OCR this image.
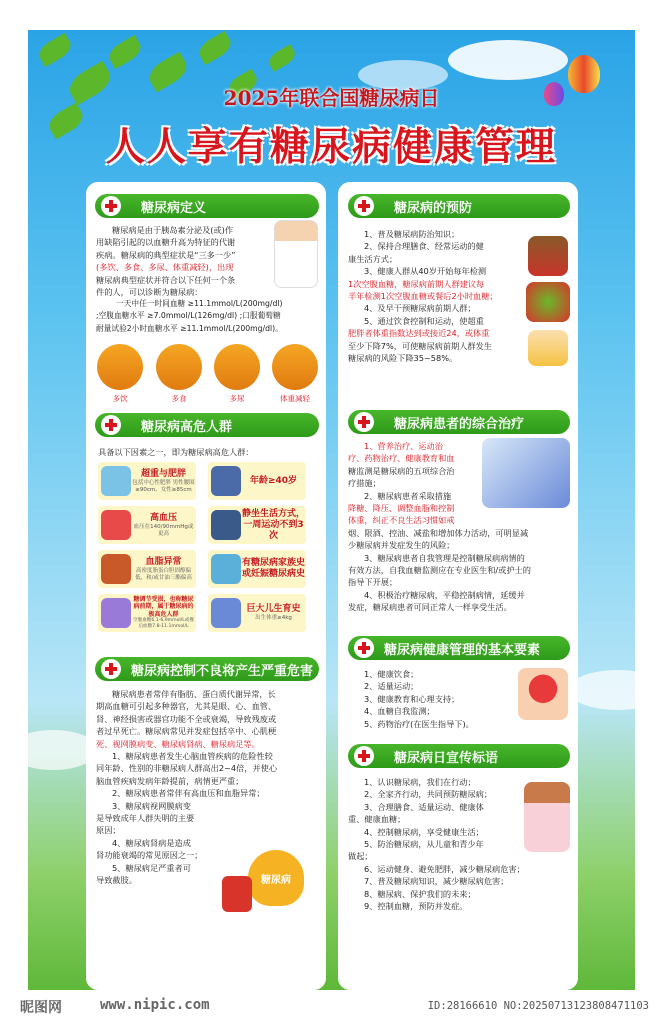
2025年联合国糖尿病日
人人享有糖尿病健康管理
糖尿病定义
糖尿病是由于胰岛素分泌及(或)作
用缺陷引起的以血糖升高为特征的代谢
疾病。糖尿病的典型症状是“三多一少”
(多饮、多食、多尿、体重减轻)，出现
糖尿病典型症状并符合以下任何一个条
件的人，可以诊断为糖尿病：
一天中任一时间血糖 ≥11.1mmol/L(200mg/dl)
;空腹血糖水平 ≥7.0mmol/L(126mg/dl) ;口服葡萄糖
耐量试验2小时血糖水平 ≥11.1mmol/L(200mg/dl)。
多饮	多食	多尿	体重减轻
糖尿病高危人群
具备以下因素之一，即为糖尿病高危人群：
超重与肥胖
包括中心性肥胖 男性腰围≥90cm、女性≥85cm
年龄≥40岁
高血压
血压在140/90mmHg或更高
静坐生活方式，一周运动不到3次
血脂异常
高密度脂蛋白胆固醇偏低，和/或甘油三酯偏高
有糖尿病家族史或妊娠糖尿病史
糖调节受损，也称糖尿病前期，属于糖尿病的极高危人群
空腹血糖6.1-6.9mmol/L或餐后血糖7.8-11.1mmol/L
巨大儿生育史
出生体重≥4kg
糖尿病控制不良将产生严重危害
糖尿病患者常伴有脂肪、蛋白质代谢异常，长
期高血糖可引起多种器官，尤其是眼、心、血管、
肾、神经损害或器官功能不全或衰竭，导致残废或
者过早死亡。糖尿病常见并发症包括卒中、心肌梗
死、视网膜病变、糖尿病肾病、糖尿病足等。
1、糖尿病患者发生心脑血管疾病的危险性较
同年龄、性别的非糖尿病人群高出2~4倍，并使心
脑血管疾病发病年龄提前，病情更严重；
2、糖尿病患者常伴有高血压和血脂异常；
3、糖尿病视网膜病变
是导致成年人群失明的主要
原因；
4、糖尿病肾病是造成
肾功能衰竭的常见原因之一；
5、糖尿病足严重者可
导致截肢。	糖尿病
糖尿病的预防
1、普及糖尿病防治知识；
2、保持合理膳食、经常运动的健
康生活方式；
3、健康人群从40岁开始每年检测
1次空腹血糖，糖尿病前期人群建议每
半年检测1次空腹血糖或餐后2小时血糖；
4、及早干预糖尿病前期人群；
5、通过饮食控制和运动，使超重
肥胖者体重指数达到或接近24，或体重
至少下降7%，可使糖尿病前期人群发生
糖尿病的风险下降35~58%。
糖尿病患者的综合治疗
1、营养治疗、运动治
疗、药物治疗、健康教育和血
糖监测是糖尿病的五项综合治
疗措施；
2、糖尿病患者采取措施
降糖、降压、调整血脂和控制
体重，纠正不良生活习惯如戒
烟、限酒、控油、减盐和增加体力活动，可明显减
少糖尿病并发症发生的风险；
3、糖尿病患者自我管理是控制糖尿病病情的
有效方法，自我血糖监测应在专业医生和/或护士的
指导下开展；
4、积极治疗糖尿病，平稳控制病情，延缓并
发症，糖尿病患者可同正常人一样享受生活。
糖尿病健康管理的基本要素
1、健康饮食；
2、适量运动；
3、健康教育和心理支持；
4、血糖自我监测；
5、药物治疗(在医生指导下)。
糖尿病日宣传标语
1、认识糖尿病，我们在行动；
2、全家齐行动，共同预防糖尿病；
3、合理膳食、适量运动、健康体
重、健康血糖；
4、控制糖尿病，享受健康生活；
5、防治糖尿病，从儿童和青少年
做起；
6、运动健身、避免肥胖，减少糖尿病危害；
7、普及糖尿病知识，减少糖尿病危害；
8、糖尿病、保护我们的未来；
9、控制血糖，预防并发症。
昵图网	www.nipic.com	ID:28166610 NO:20250713123808471103
